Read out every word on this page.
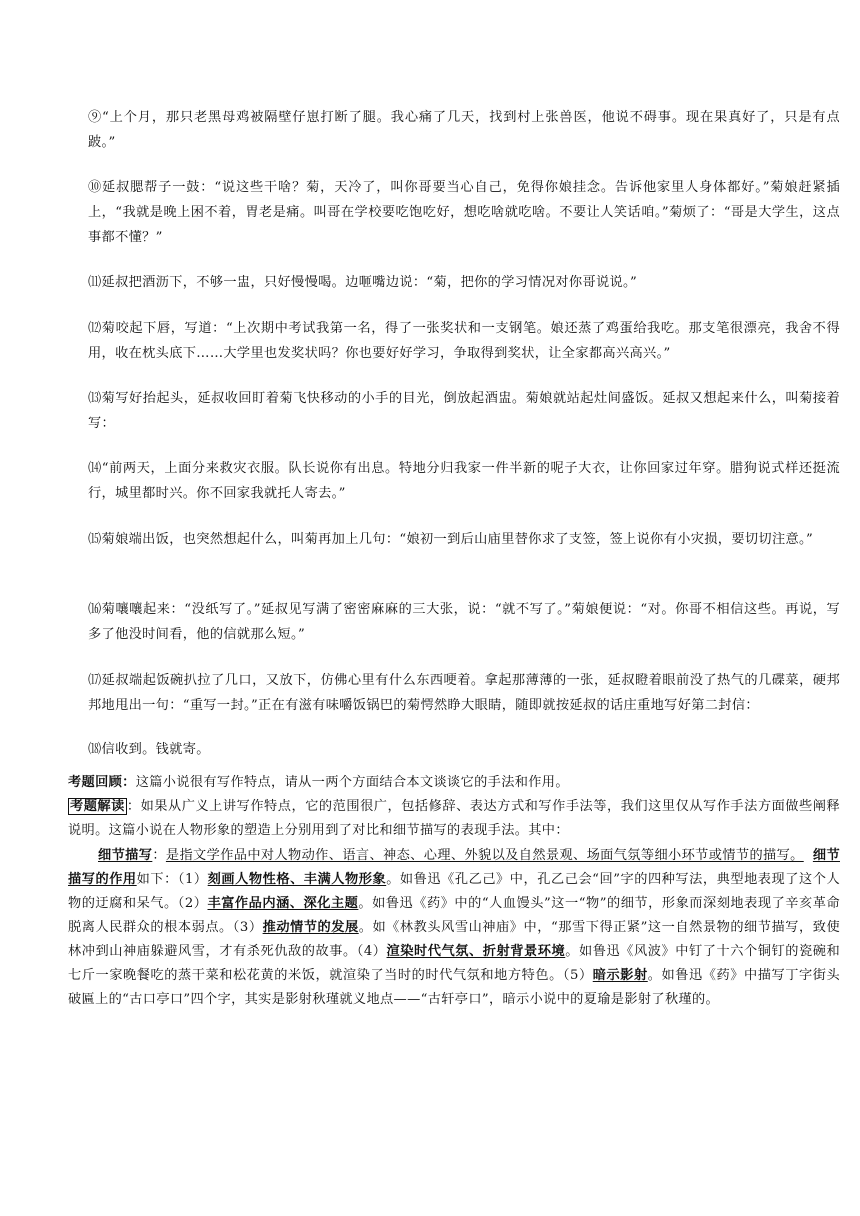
⑨“上个月，那只老黑母鸡被隔壁仔崽打断了腿。我心痛了几天，找到村上张兽医，他说不碍事。现在果真好了，只是有点跛。”

⑩延叔腮帮子一鼓：“说这些干啥？菊，天冷了，叫你哥要当心自己，免得你娘挂念。告诉他家里人身体都好。”菊娘赶紧插上，“我就是晚上困不着，胃老是痛。叫哥在学校要吃饱吃好，想吃啥就吃啥。不要让人笑话咱。”菊烦了：“哥是大学生，这点事都不懂？”

⑾延叔把酒沥下，不够一盅，只好慢慢喝。边咂嘴边说：“菊，把你的学习情况对你哥说说。”

⑿菊咬起下唇，写道：“上次期中考试我第一名，得了一张奖状和一支钢笔。娘还蒸了鸡蛋给我吃。那支笔很漂亮，我舍不得用，收在枕头底下……大学里也发奖状吗？你也要好好学习，争取得到奖状，让全家都高兴高兴。”

⒀菊写好抬起头，延叔收回盯着菊飞快移动的小手的目光，倒放起酒盅。菊娘就站起灶间盛饭。延叔又想起来什么，叫菊接着写：

⒁“前两天，上面分来救灾衣服。队长说你有出息。特地分归我家一件半新的呢子大衣，让你回家过年穿。腊狗说式样还挺流行，城里都时兴。你不回家我就托人寄去。”

⒂菊娘端出饭，也突然想起什么，叫菊再加上几句：“娘初一到后山庙里替你求了支签，签上说你有小灾损，要切切注意。”

⒃菊嚷嚷起来：“没纸写了。”延叔见写满了密密麻麻的三大张，说：“就不写了。”菊娘便说：“对。你哥不相信这些。再说，写多了他没时间看，他的信就那么短。”

⒄延叔端起饭碗扒拉了几口，又放下，仿佛心里有什么东西哽着。拿起那薄薄的一张，延叔瞪着眼前没了热气的几碟菜，硬邦邦地甩出一句：“重写一封。”正在有滋有味嚼饭锅巴的菊愕然睁大眼睛，随即就按延叔的话庄重地写好第二封信：

⒅信收到。钱就寄。

考题回顾：这篇小说很有写作特点，请从一两个方面结合本文谈谈它的手法和作用。

考题解读 ：如果从广义上讲写作特点，它的范围很广，包括修辞、表达方式和写作手法等，我们这里仅从写作手法方面做些阐释说明。这篇小说在人物形象的塑造上分别用到了对比和细节描写的表现手法。其中：

细节描写：是指文学作品中对人物动作、语言、神态、心理、外貌以及自然景观、场面气氛等细小环节或情节的描写。 细节描写的作用如下：（1）刻画人物性格、丰满人物形象。如鲁迅《孔乙己》中，孔乙己会“回”字的四种写法，典型地表现了这个人物的迂腐和呆气。（2）丰富作品内涵、深化主题。如鲁迅《药》中的“人血馒头”这一“物”的细节，形象而深刻地表现了辛亥革命脱离人民群众的根本弱点。（3）推动情节的发展。如《林教头风雪山神庙》中，“那雪下得正紧”这一自然景物的细节描写，致使林冲到山神庙躲避风雪，才有杀死仇敌的故事。（4）渲染时代气氛、折射背景环境。如鲁迅《风波》中钉了十六个铜钉的瓷碗和七斤一家晚餐吃的蒸干菜和松花黄的米饭，就渲染了当时的时代气氛和地方特色。（5）暗示影射。如鲁迅《药》中描写丁字街头破匾上的“古口亭口”四个字，其实是影射秋瑾就义地点——“古轩亭口”，暗示小说中的夏瑜是影射了秋瑾的。
